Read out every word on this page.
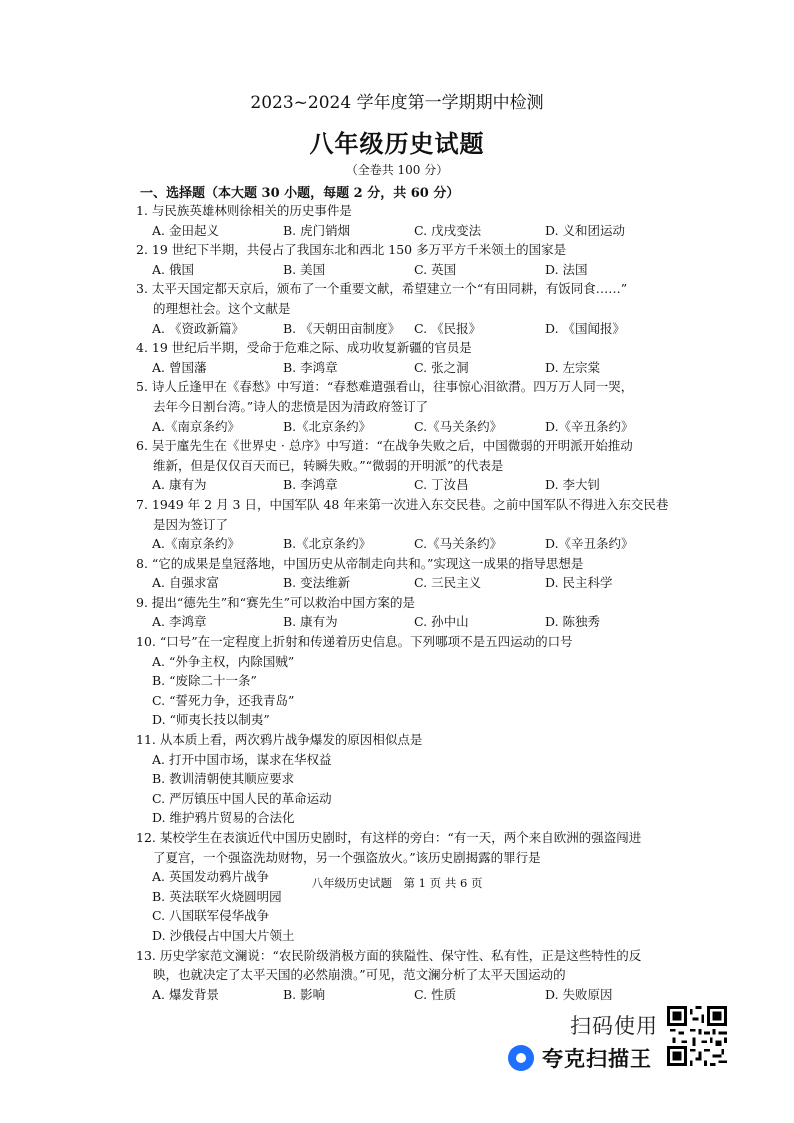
2023~2024 学年度第一学期期中检测
八年级历史试题
（全卷共 100 分）
一、选择题（本大题 30 小题，每题 2 分，共 60 分）
1. 与民族英雄林则徐相关的历史事件是
A. 金田起义	B. 虎门销烟	C. 戊戌变法	D. 义和团运动
2. 19 世纪下半期，共侵占了我国东北和西北 150 多万平方千米领土的国家是
A. 俄国	B. 美国	C. 英国	D. 法国
3. 太平天国定都天京后，颁布了一个重要文献，希望建立一个“有田同耕，有饭同食……”
的理想社会。这个文献是
A. 《资政新篇》	B. 《天朝田亩制度》	C. 《民报》	D. 《国闻报》
4. 19 世纪后半期，受命于危难之际、成功收复新疆的官员是
A. 曾国藩	B. 李鸿章	C. 张之洞	D. 左宗棠
5. 诗人丘逢甲在《春愁》中写道：“春愁难遣强看山，往事惊心泪欲潸。四万万人同一哭，
去年今日割台湾。”诗人的悲愤是因为清政府签订了
A.《南京条约》	B.《北京条约》	C.《马关条约》	D.《辛丑条约》
6. 吴于廑先生在《世界史 · 总序》中写道：“在战争失败之后，中国微弱的开明派开始推动
维新，但是仅仅百天而已，转瞬失败。”“微弱的开明派”的代表是
A. 康有为	B. 李鸿章	C. 丁汝昌	D. 李大钊
7. 1949 年 2 月 3 日，中国军队 48 年来第一次进入东交民巷。之前中国军队不得进入东交民巷
是因为签订了
A.《南京条约》	B.《北京条约》	C.《马关条约》	D.《辛丑条约》
8. “它的成果是皇冠落地，中国历史从帝制走向共和。”实现这一成果的指导思想是
A. 自强求富	B. 变法维新	C. 三民主义	D. 民主科学
9. 提出“德先生”和“赛先生”可以救治中国方案的是
A. 李鸿章	B. 康有为	C. 孙中山	D. 陈独秀
10. “口号”在一定程度上折射和传递着历史信息。下列哪项不是五四运动的口号
A. “外争主权，内除国贼”
B. “废除二十一条”
C. “誓死力争，还我青岛”
D. “师夷长技以制夷”
11. 从本质上看，两次鸦片战争爆发的原因相似点是
A. 打开中国市场，谋求在华权益
B. 教训清朝使其顺应要求
C. 严厉镇压中国人民的革命运动
D. 维护鸦片贸易的合法化
12. 某校学生在表演近代中国历史剧时，有这样的旁白：“有一天，两个来自欧洲的强盗闯进
了夏宫，一个强盗洗劫财物，另一个强盗放火。”该历史剧揭露的罪行是
A. 英国发动鸦片战争
B. 英法联军火烧圆明园
C. 八国联军侵华战争
D. 沙俄侵占中国大片领土
13. 历史学家范文澜说：“农民阶级消极方面的狭隘性、保守性、私有性，正是这些特性的反
映，也就决定了太平天国的必然崩溃。”可见，范文澜分析了太平天国运动的
A. 爆发背景	B. 影响	C. 性质	D. 失败原因
八年级历史试题　第 1 页 共 6 页
扫码使用
夸克扫描王
